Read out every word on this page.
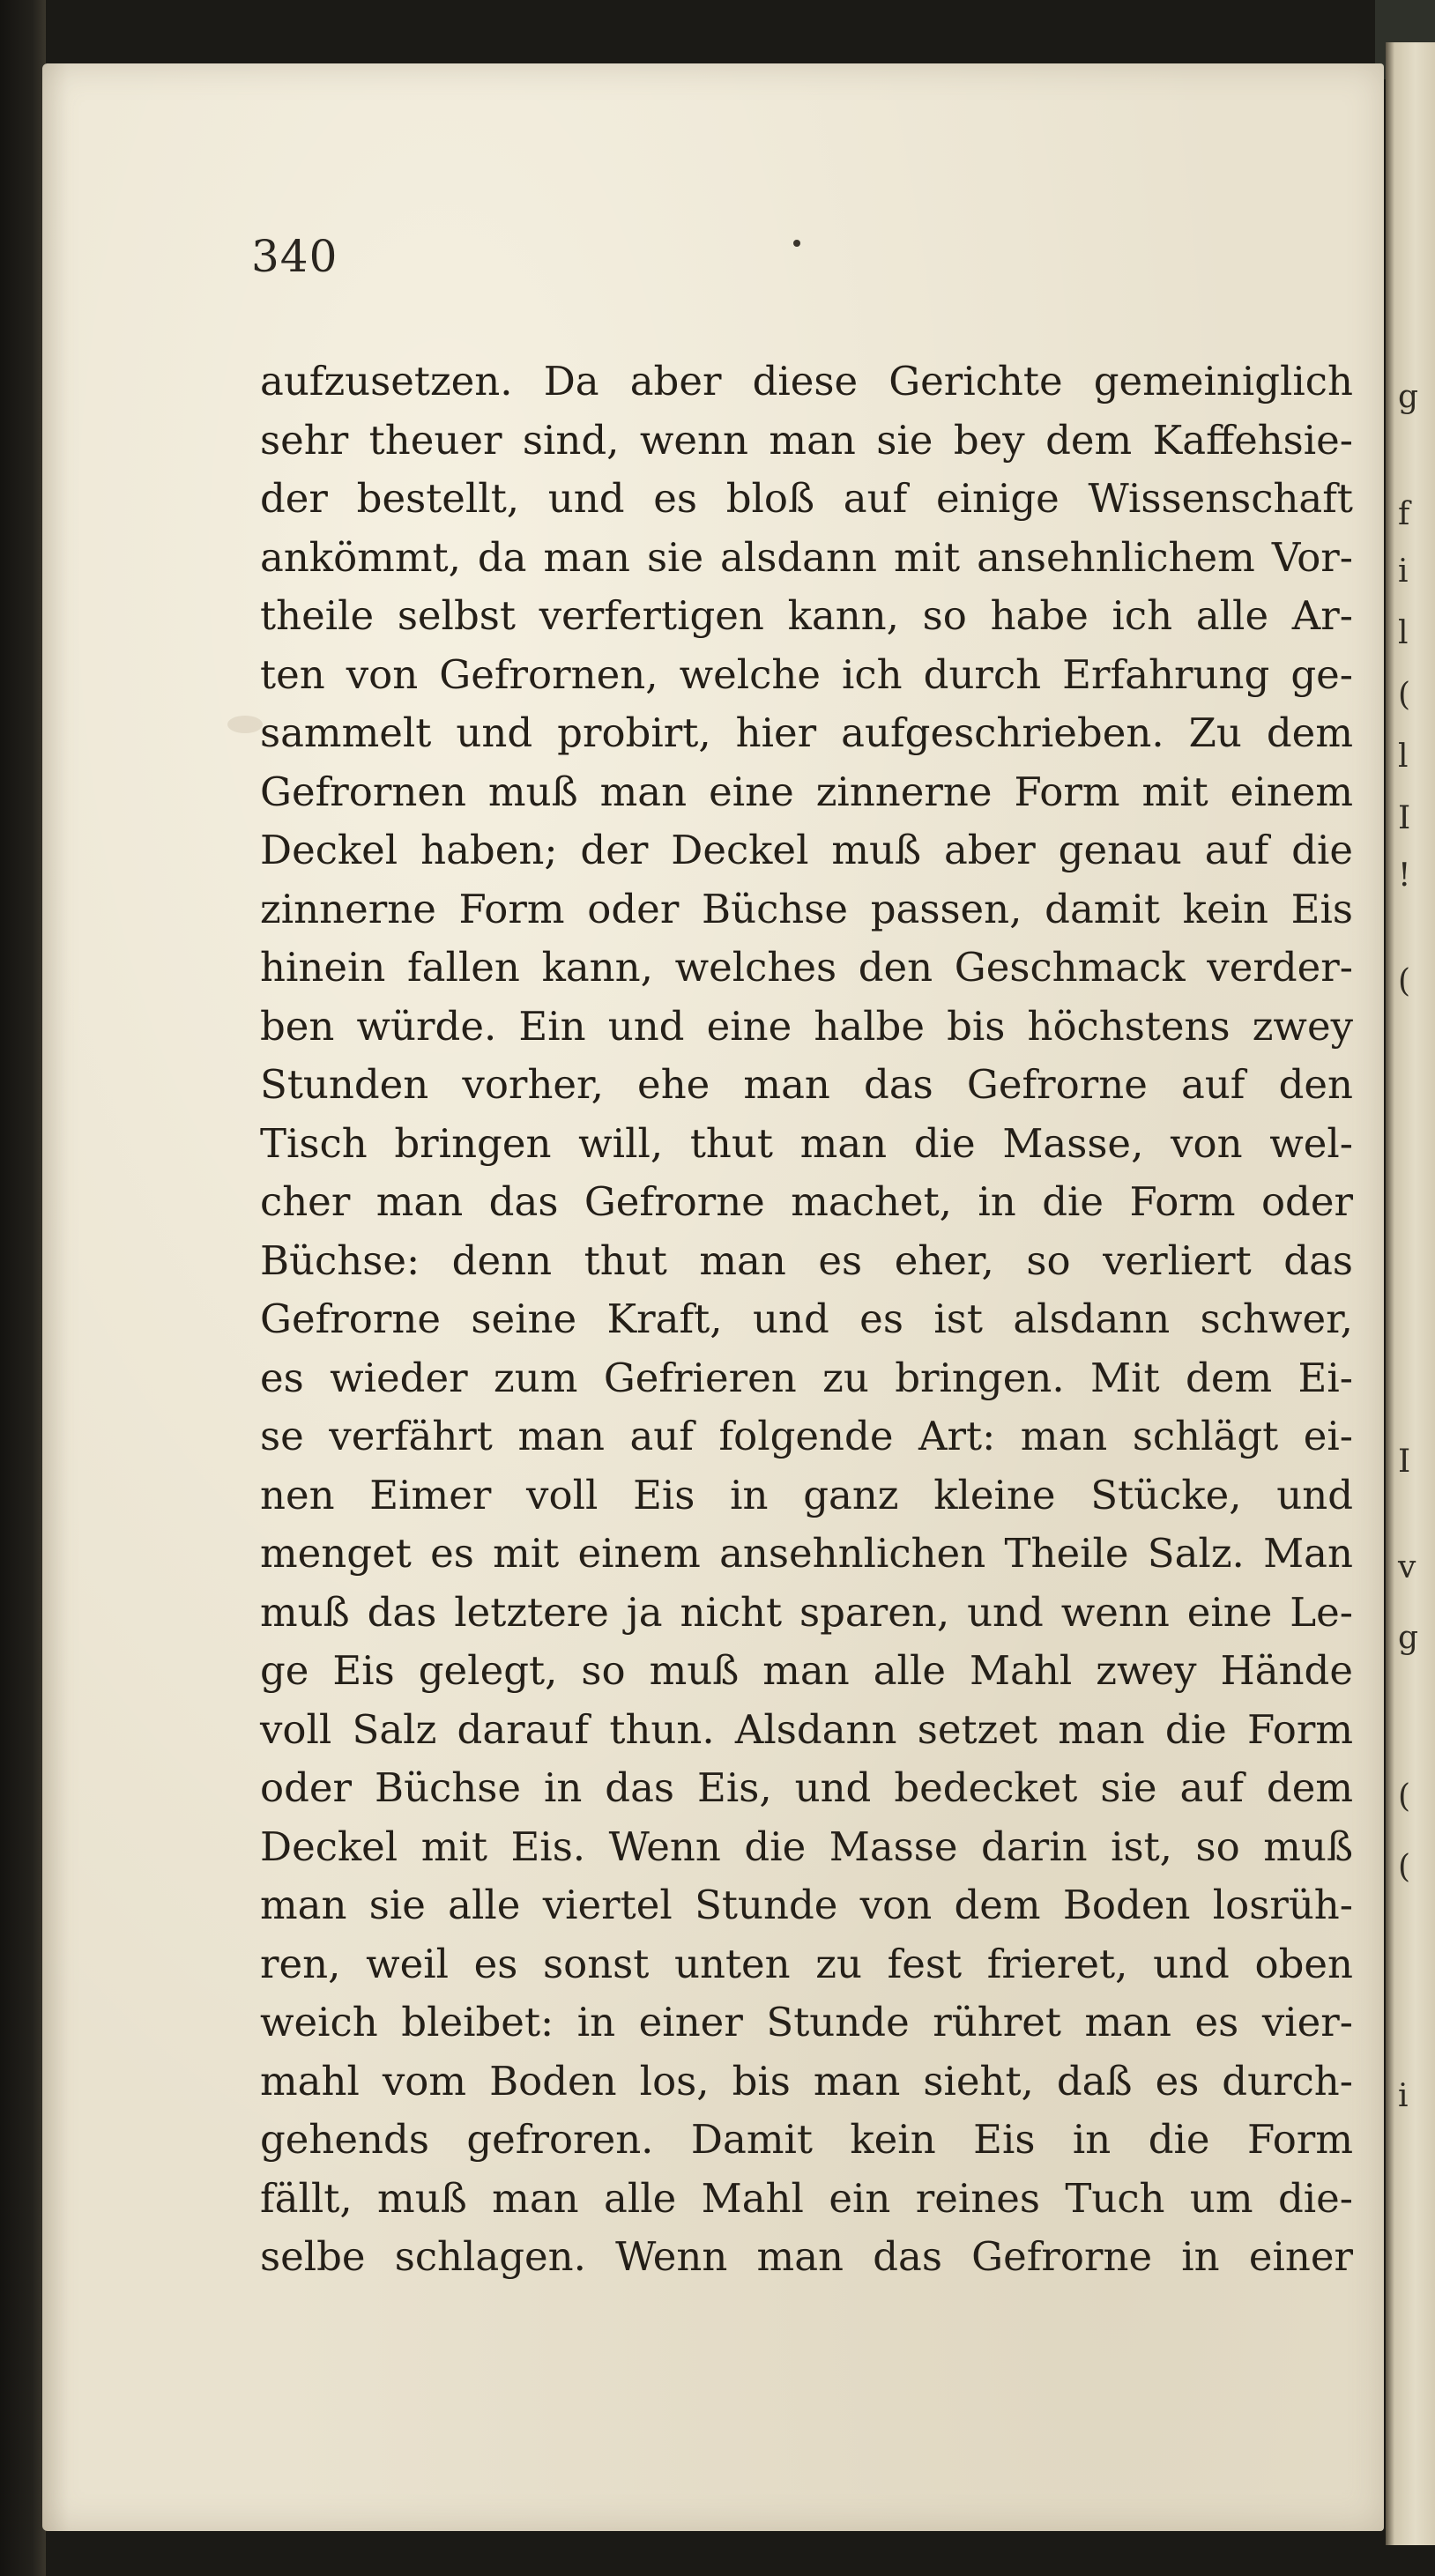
g
f
i
l
(
l
I
!
(
I
v
g
(
(
i
340
aufzusetzen. Da aber diese Gerichte gemeiniglich
sehr theuer sind, wenn man sie bey dem Kaffehsie-
der bestellt, und es bloß auf einige Wissenschaft
ankömmt, da man sie alsdann mit ansehnlichem Vor-
theile selbst verfertigen kann, so habe ich alle Ar-
ten von Gefrornen, welche ich durch Erfahrung ge-
sammelt und probirt, hier aufgeschrieben. Zu dem
Gefrornen muß man eine zinnerne Form mit einem
Deckel haben; der Deckel muß aber genau auf die
zinnerne Form oder Büchse passen, damit kein Eis
hinein fallen kann, welches den Geschmack verder-
ben würde. Ein und eine halbe bis höchstens zwey
Stunden vorher, ehe man das Gefrorne auf den
Tisch bringen will, thut man die Masse, von wel-
cher man das Gefrorne machet, in die Form oder
Büchse: denn thut man es eher, so verliert das
Gefrorne seine Kraft, und es ist alsdann schwer,
es wieder zum Gefrieren zu bringen. Mit dem Ei-
se verfährt man auf folgende Art: man schlägt ei-
nen Eimer voll Eis in ganz kleine Stücke, und
menget es mit einem ansehnlichen Theile Salz. Man
muß das letztere ja nicht sparen, und wenn eine Le-
ge Eis gelegt, so muß man alle Mahl zwey Hände
voll Salz darauf thun. Alsdann setzet man die Form
oder Büchse in das Eis, und bedecket sie auf dem
Deckel mit Eis. Wenn die Masse darin ist, so muß
man sie alle viertel Stunde von dem Boden losrüh-
ren, weil es sonst unten zu fest frieret, und oben
weich bleibet: in einer Stunde rühret man es vier-
mahl vom Boden los, bis man sieht, daß es durch-
gehends gefroren. Damit kein Eis in die Form
fällt, muß man alle Mahl ein reines Tuch um die-
selbe schlagen. Wenn man das Gefrorne in einer
